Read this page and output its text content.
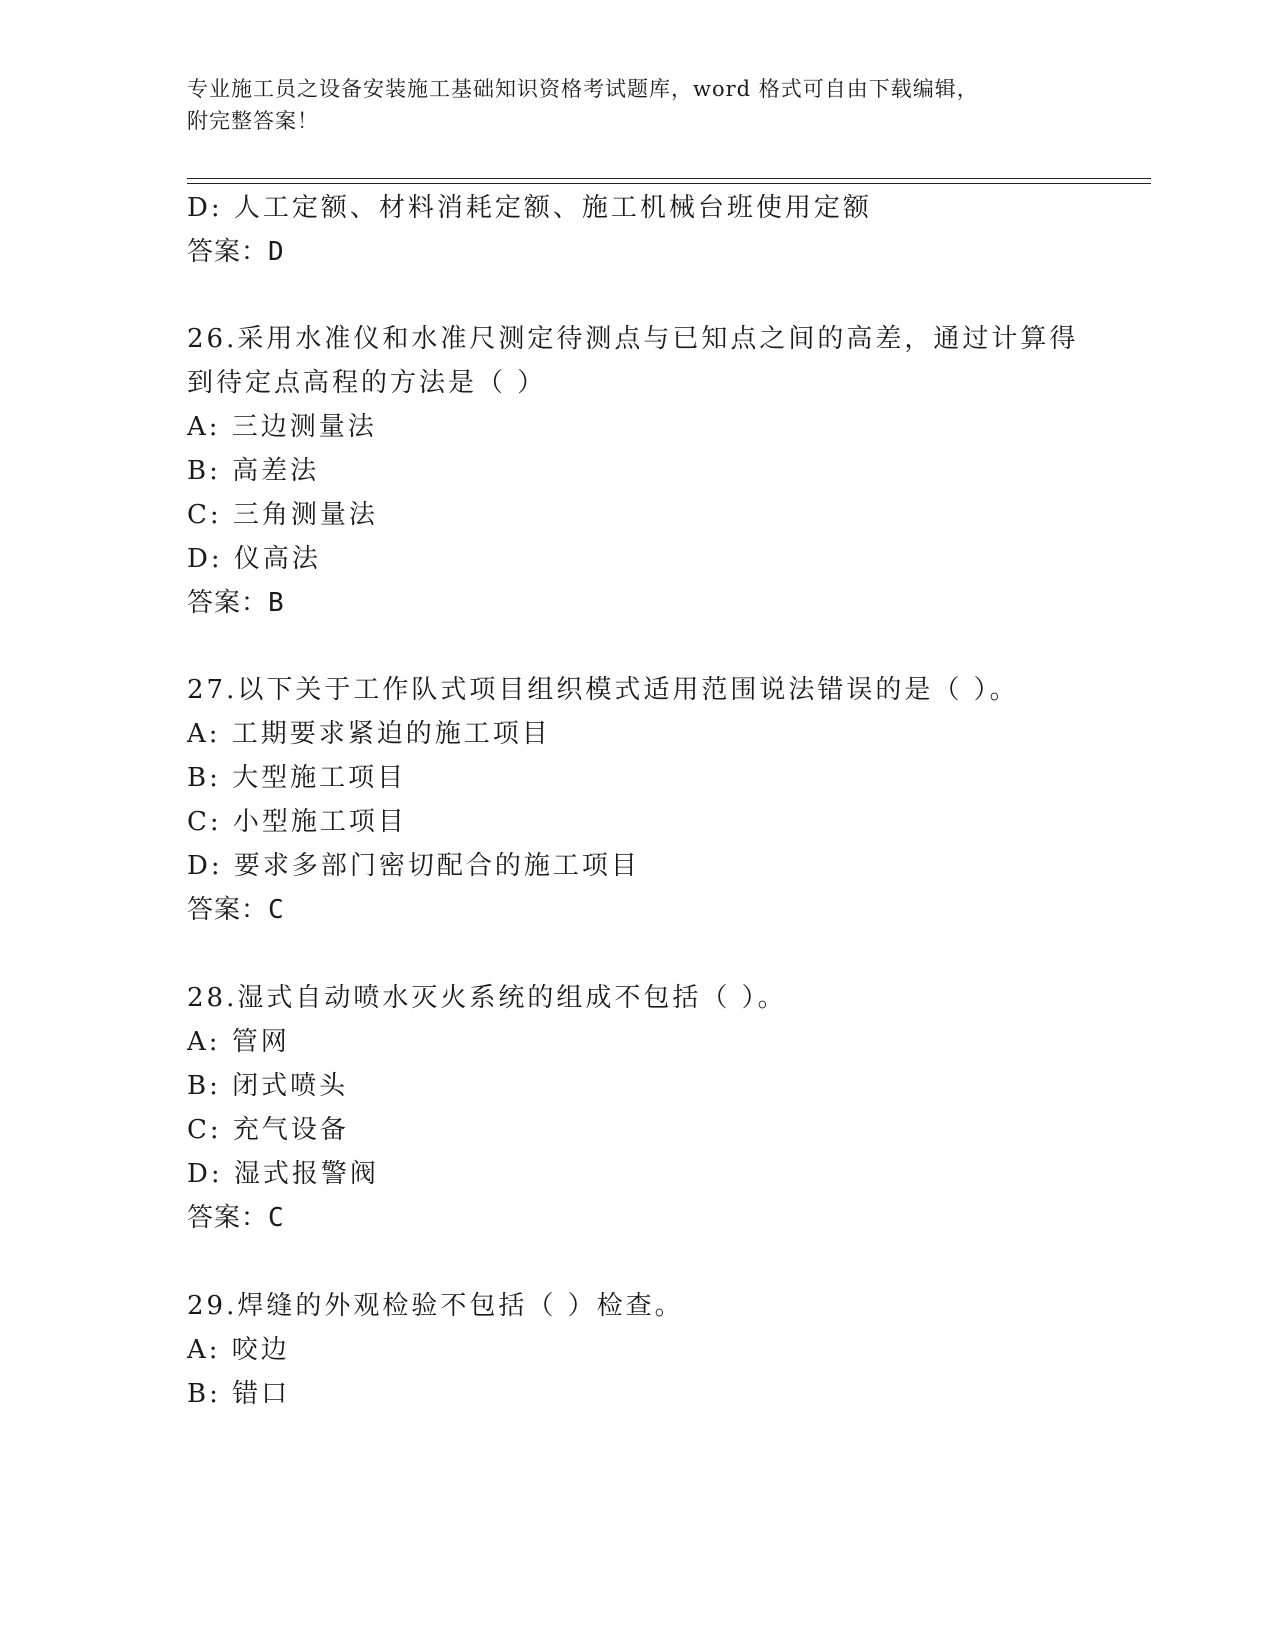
专业施工员之设备安装施工基础知识资格考试题库，word 格式可自由下载编辑，
附完整答案！
D: 人工定额、材料消耗定额、施工机械台班使用定额
答案：D
26.采用水准仪和水准尺测定待测点与已知点之间的高差，通过计算得
到待定点高程的方法是（ ）
A: 三边测量法
B: 高差法
C: 三角测量法
D: 仪高法
答案：B
27.以下关于工作队式项目组织模式适用范围说法错误的是（ ）。
A: 工期要求紧迫的施工项目
B: 大型施工项目
C: 小型施工项目
D: 要求多部门密切配合的施工项目
答案：C
28.湿式自动喷水灭火系统的组成不包括（ ）。
A: 管网
B: 闭式喷头
C: 充气设备
D: 湿式报警阀
答案：C
29.焊缝的外观检验不包括（ ）检查。
A: 咬边
B: 错口
